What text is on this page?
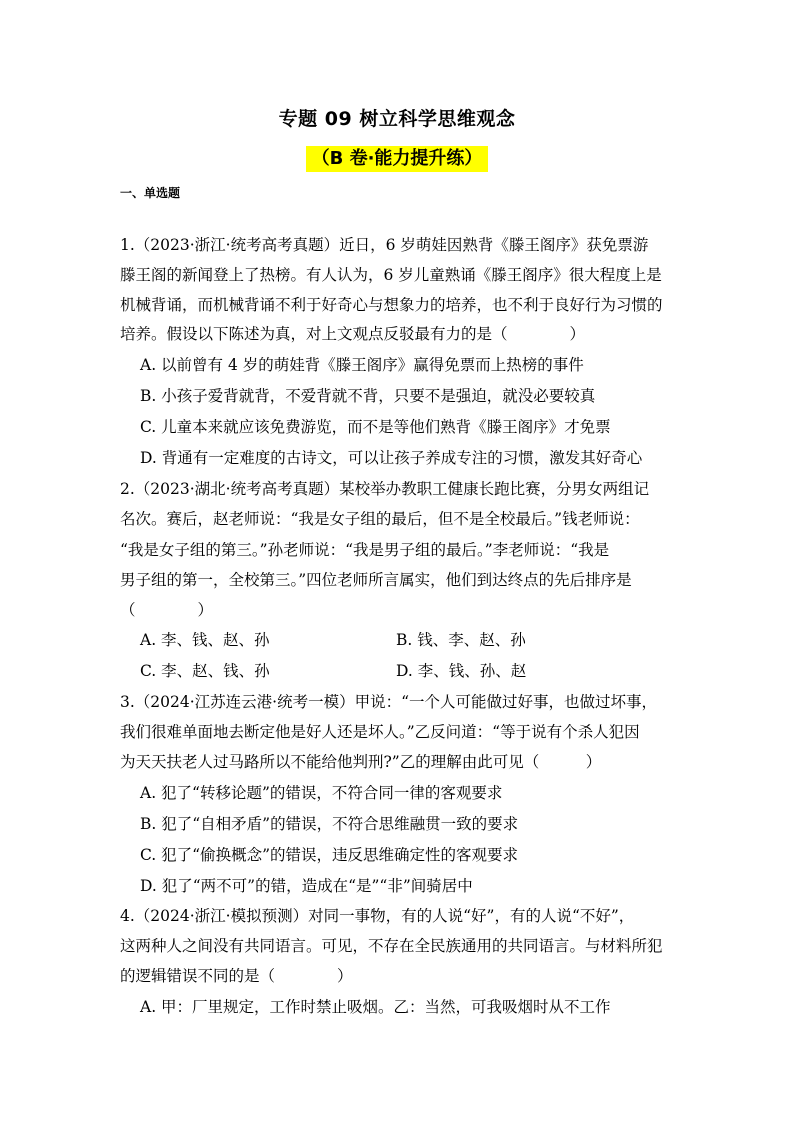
专题 09 树立科学思维观念
（B 卷·能力提升练）
一、单选题
1.（2023·浙江·统考高考真题）近日，6 岁萌娃因熟背《滕王阁序》获免票游
滕王阁的新闻登上了热榜。有人认为，6 岁儿童熟诵《滕王阁序》很大程度上是
机械背诵，而机械背诵不利于好奇心与想象力的培养，也不利于良好行为习惯的
培养。假设以下陈述为真，对上文观点反驳最有力的是（　　　　）
A. 以前曾有 4 岁的萌娃背《滕王阁序》赢得免票而上热榜的事件
B. 小孩子爱背就背，不爱背就不背，只要不是强迫，就没必要较真
C. 儿童本来就应该免费游览，而不是等他们熟背《滕王阁序》才免票
D. 背通有一定难度的古诗文，可以让孩子养成专注的习惯，激发其好奇心
2.（2023·湖北·统考高考真题）某校举办教职工健康长跑比赛，分男女两组记
名次。赛后，赵老师说：“我是女子组的最后，但不是全校最后。”钱老师说：
“我是女子组的第三。”孙老师说：“我是男子组的最后。”李老师说：“我是
男子组的第一，全校第三。”四位老师所言属实，他们到达终点的先后排序是
（　　　　）
A. 李、钱、赵、孙	B. 钱、李、赵、孙
C. 李、赵、钱、孙	D. 李、钱、孙、赵
3.（2024·江苏连云港·统考一模）甲说：“一个人可能做过好事，也做过坏事，
我们很难单面地去断定他是好人还是坏人。”乙反问道：“等于说有个杀人犯因
为天天扶老人过马路所以不能给他判刑?”乙的理解由此可见（　　　）
A. 犯了“转移论题”的错误，不符合同一律的客观要求
B. 犯了“自相矛盾”的错误，不符合思维融贯一致的要求
C. 犯了“偷换概念”的错误，违反思维确定性的客观要求
D. 犯了“两不可”的错，造成在“是”“非”间骑居中
4.（2024·浙江·模拟预测）对同一事物，有的人说“好”，有的人说“不好”，
这两种人之间没有共同语言。可见，不存在全民族通用的共同语言。与材料所犯
的逻辑错误不同的是（　　　　）
A. 甲：厂里规定，工作时禁止吸烟。乙：当然，可我吸烟时从不工作
